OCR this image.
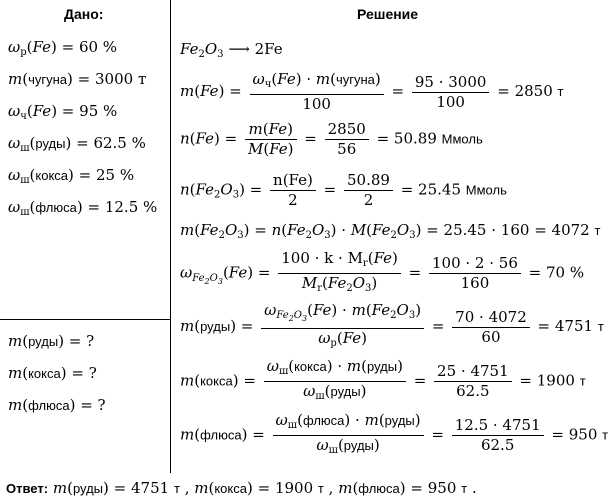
Дано:	Решение
$\omega_р(Fe) = 60$ %
m(чугуна) = 3000 т
$\omega_ч(Fe) = 95$ %
$\omega_ш(руды) = 62.5$ %
$\omega_ш(кокса) = 25$ %
$\omega_ш(флюса) = 12.5$ %
m(руды) = ?
m(кокса) = ?
m(флюса) = ?
$Fe_2O_3$ ⟶ 2Fe
$m(Fe) = \frac{\omega_ч(Fe) \cdot m(чугуна)}{100} = \frac{95 \cdot 3000}{100} = 2850$ т
$n(Fe) = \frac{m(Fe)}{M(Fe)} = \frac{2850}{56} = 50.89$ Ммоль
$n(Fe_2O_3) = \frac{n(Fe)}{2} = \frac{50.89}{2} = 25.45$ Ммоль
$m(Fe_2O_3) = n(Fe_2O_3) \cdot M(Fe_2O_3) = 25.45 \cdot 160 = 4072$ т
$\omega_{Fe_2O_3}(Fe) = \frac{100 \cdot k \cdot M_r(Fe)}{M_r(Fe_2O_3)} = \frac{100 \cdot 2 \cdot 56}{160} = 70$ %
m(руды) = $\frac{\omega_{Fe_2O_3}(Fe) \cdot m(Fe_2O_3)}{\omega_р(Fe)} = \frac{70 \cdot 4072}{60} = 4751$ т
m(кокса) = $\frac{\omega_ш(кокса) \cdot m(руды)}{\omega_ш(руды)} = \frac{25 \cdot 4751}{62.5} = 1900$ т
m(флюса) = $\frac{\omega_ш(флюса) \cdot m(руды)}{\omega_ш(руды)} = \frac{12.5 \cdot 4751}{62.5} = 950$ т
Ответ: m(руды) = 4751 т , m(кокса) = 1900 т , m(флюса) = 950 т .
